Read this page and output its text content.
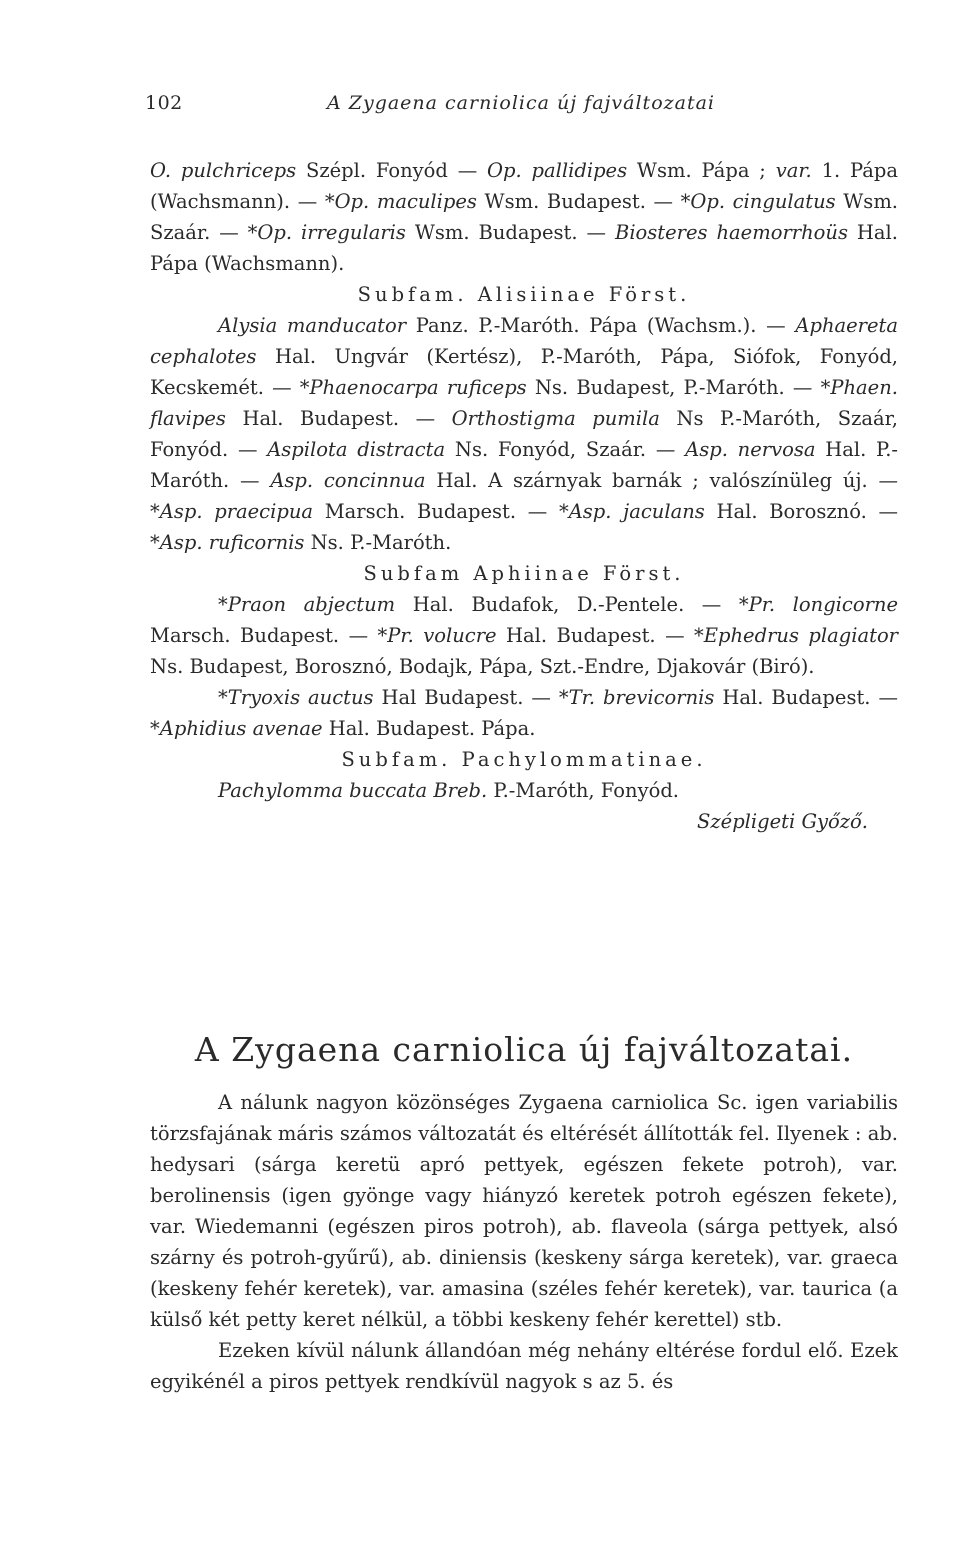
102	A Zygaena carniolica új fajváltozatai

O. pulchriceps Szépl. Fonyód — Op. pallidipes Wsm. Pápa ; var. 1. Pápa (Wachsmann). — *Op. maculipes Wsm. Budapest. — *Op. cingulatus Wsm. Szaár. — *Op. irregularis Wsm. Budapest. — Biosteres haemorrhoüs Hal. Pápa (Wachsmann).

Subfam. Alisiinae Först.

Alysia manducator Panz. P.-Maróth. Pápa (Wachsm.). — Aphaereta cephalotes Hal. Ungvár (Kertész), P.-Maróth, Pápa, Siófok, Fonyód, Kecskemét. — *Phaenocarpa ruficeps Ns. Budapest, P.-Maróth. — *Phaen. flavipes Hal. Budapest. — Orthostigma pumila Ns P.-Maróth, Szaár, Fonyód. — Aspilota distracta Ns. Fonyód, Szaár. — Asp. nervosa Hal. P.-Maróth. — Asp. concinnua Hal. A szárnyak barnák ; valószínüleg új. — *Asp. praecipua Marsch. Budapest. — *Asp. jaculans Hal. Borosznó. — *Asp. ruficornis Ns. P.-Maróth.

Subfam Aphiinae Först.

*Praon abjectum Hal. Budafok, D.-Pentele. — *Pr. longicorne Marsch. Budapest. — *Pr. volucre Hal. Budapest. — *Ephedrus plagiator Ns. Budapest, Borosznó, Bodajk, Pápa, Szt.-Endre, Djakovár (Biró).

*Tryoxis auctus Hal Budapest. — *Tr. brevicornis Hal. Budapest. — *Aphidius avenae Hal. Budapest. Pápa.

Subfam. Pachylommatinae.

Pachylomma buccata Breb. P.-Maróth, Fonyód.

Szépligeti Győző.

A Zygaena carniolica új fajváltozatai.

A nálunk nagyon közönséges Zygaena carniolica Sc. igen variabilis törzsfajának máris számos változatát és eltérését állították fel. Ilyenek : ab. hedysari (sárga keretü apró pettyek, egészen fekete potroh), var. berolinensis (igen gyönge vagy hiányzó keretek potroh egészen fekete), var. Wiedemanni (egészen piros potroh), ab. flaveola (sárga pettyek, alsó szárny és potroh-gyűrű), ab. diniensis (keskeny sárga keretek), var. graeca (keskeny fehér keretek), var. amasina (széles fehér keretek), var. taurica (a külső két petty keret nélkül, a többi keskeny fehér kerettel) stb.

Ezeken kívül nálunk állandóan még nehány eltérése fordul elő. Ezek egyikénél a piros pettyek rendkívül nagyok s az 5. és
